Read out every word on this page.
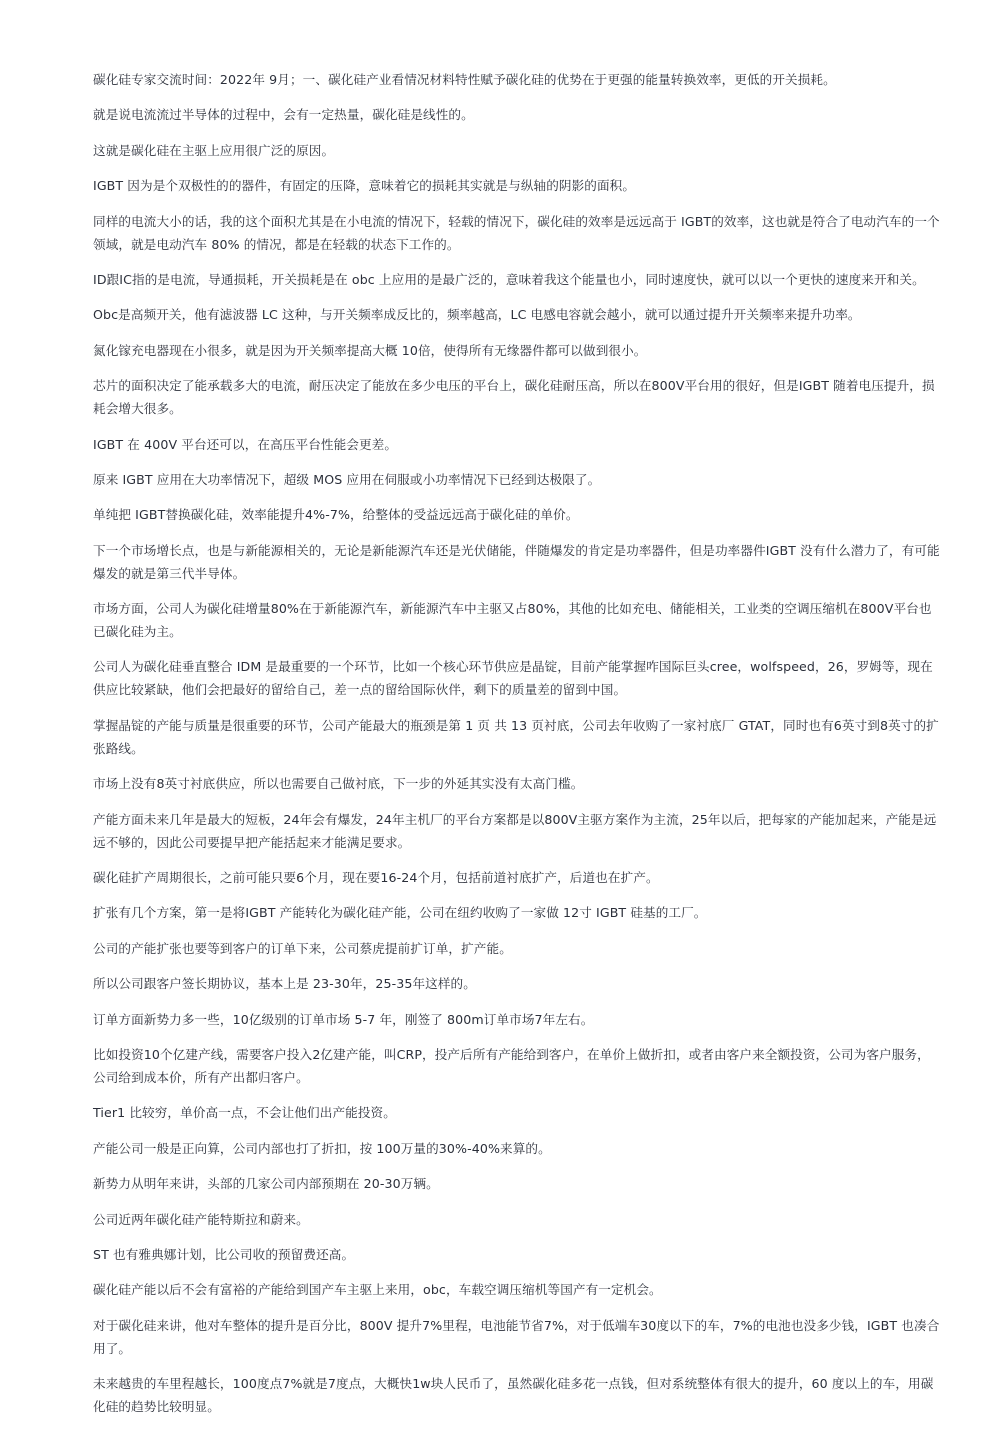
碳化硅专家交流时间：2022年 9月；一、碳化硅产业看情况材料特性赋予碳化硅的优势在于更强的能量转换效率，更低的开关损耗。

就是说电流流过半导体的过程中，会有一定热量，碳化硅是线性的。

这就是碳化硅在主驱上应用很广泛的原因。

IGBT 因为是个双极性的的器件，有固定的压降，意味着它的损耗其实就是与纵轴的阴影的面积。

同样的电流大小的话，我的这个面积尤其是在小电流的情况下，轻载的情况下，碳化硅的效率是远远高于 IGBT的效率，这也就是符合了电动汽车的一个领域，就是电动汽车 80% 的情况，都是在轻载的状态下工作的。

ID跟IC指的是电流，导通损耗，开关损耗是在 obc 上应用的是最广泛的，意味着我这个能量也小，同时速度快，就可以以一个更快的速度来开和关。

Obc是高频开关，他有滤波器 LC 这种，与开关频率成反比的，频率越高，LC 电感电容就会越小，就可以通过提升开关频率来提升功率。

氮化镓充电器现在小很多，就是因为开关频率提高大概 10倍，使得所有无缘器件都可以做到很小。

芯片的面积决定了能承载多大的电流，耐压决定了能放在多少电压的平台上，碳化硅耐压高，所以在800V平台用的很好，但是IGBT 随着电压提升，损耗会增大很多。

IGBT 在 400V 平台还可以，在高压平台性能会更差。

原来 IGBT 应用在大功率情况下，超级 MOS 应用在伺服或小功率情况下已经到达极限了。

单纯把 IGBT替换碳化硅，效率能提升4%-7%，给整体的受益远远高于碳化硅的单价。

下一个市场增长点，也是与新能源相关的，无论是新能源汽车还是光伏储能，伴随爆发的肯定是功率器件，但是功率器件IGBT 没有什么潜力了，有可能爆发的就是第三代半导体。

市场方面，公司人为碳化硅增量80%在于新能源汽车，新能源汽车中主驱又占80%，其他的比如充电、储能相关，工业类的空调压缩机在800V平台也已碳化硅为主。

公司人为碳化硅垂直整合 IDM 是最重要的一个环节，比如一个核心环节供应是晶锭，目前产能掌握咋国际巨头cree，wolfspeed，26，罗姆等，现在供应比较紧缺，他们会把最好的留给自己，差一点的留给国际伙伴，剩下的质量差的留到中国。

掌握晶锭的产能与质量是很重要的环节，公司产能最大的瓶颈是第 1 页 共 13 页衬底，公司去年收购了一家衬底厂 GTAT，同时也有6英寸到8英寸的扩张路线。

市场上没有8英寸衬底供应，所以也需要自己做衬底，下一步的外延其实没有太高门槛。

产能方面未来几年是最大的短板，24年会有爆发，24年主机厂的平台方案都是以800V主驱方案作为主流，25年以后，把每家的产能加起来，产能是远远不够的，因此公司要提早把产能括起来才能满足要求。

碳化硅扩产周期很长，之前可能只要6个月，现在要16-24个月，包括前道衬底扩产，后道也在扩产。

扩张有几个方案，第一是将IGBT 产能转化为碳化硅产能，公司在纽约收购了一家做 12寸 IGBT 硅基的工厂。

公司的产能扩张也要等到客户的订单下来，公司蔡虎提前扩订单，扩产能。

所以公司跟客户签长期协议，基本上是 23-30年，25-35年这样的。

订单方面新势力多一些，10亿级别的订单市场 5-7 年，刚签了 800m订单市场7年左右。

比如投资10个亿建产线，需要客户投入2亿建产能，叫CRP，投产后所有产能给到客户，在单价上做折扣，或者由客户来全额投资，公司为客户服务，公司给到成本价，所有产出都归客户。

Tier1 比较穷，单价高一点，不会让他们出产能投资。

产能公司一般是正向算，公司内部也打了折扣，按 100万量的30%-40%来算的。

新势力从明年来讲，头部的几家公司内部预期在 20-30万辆。

公司近两年碳化硅产能特斯拉和蔚来。

ST 也有雅典娜计划，比公司收的预留费还高。

碳化硅产能以后不会有富裕的产能给到国产车主驱上来用，obc，车载空调压缩机等国产有一定机会。

对于碳化硅来讲，他对车整体的提升是百分比，800V 提升7%里程，电池能节省7%，对于低端车30度以下的车，7%的电池也没多少钱，IGBT 也凑合用了。

未来越贵的车里程越长，100度点7%就是7度点，大概快1w块人民币了，虽然碳化硅多花一点钱，但对系统整体有很大的提升，60 度以上的车，用碳化硅的趋势比较明显。
